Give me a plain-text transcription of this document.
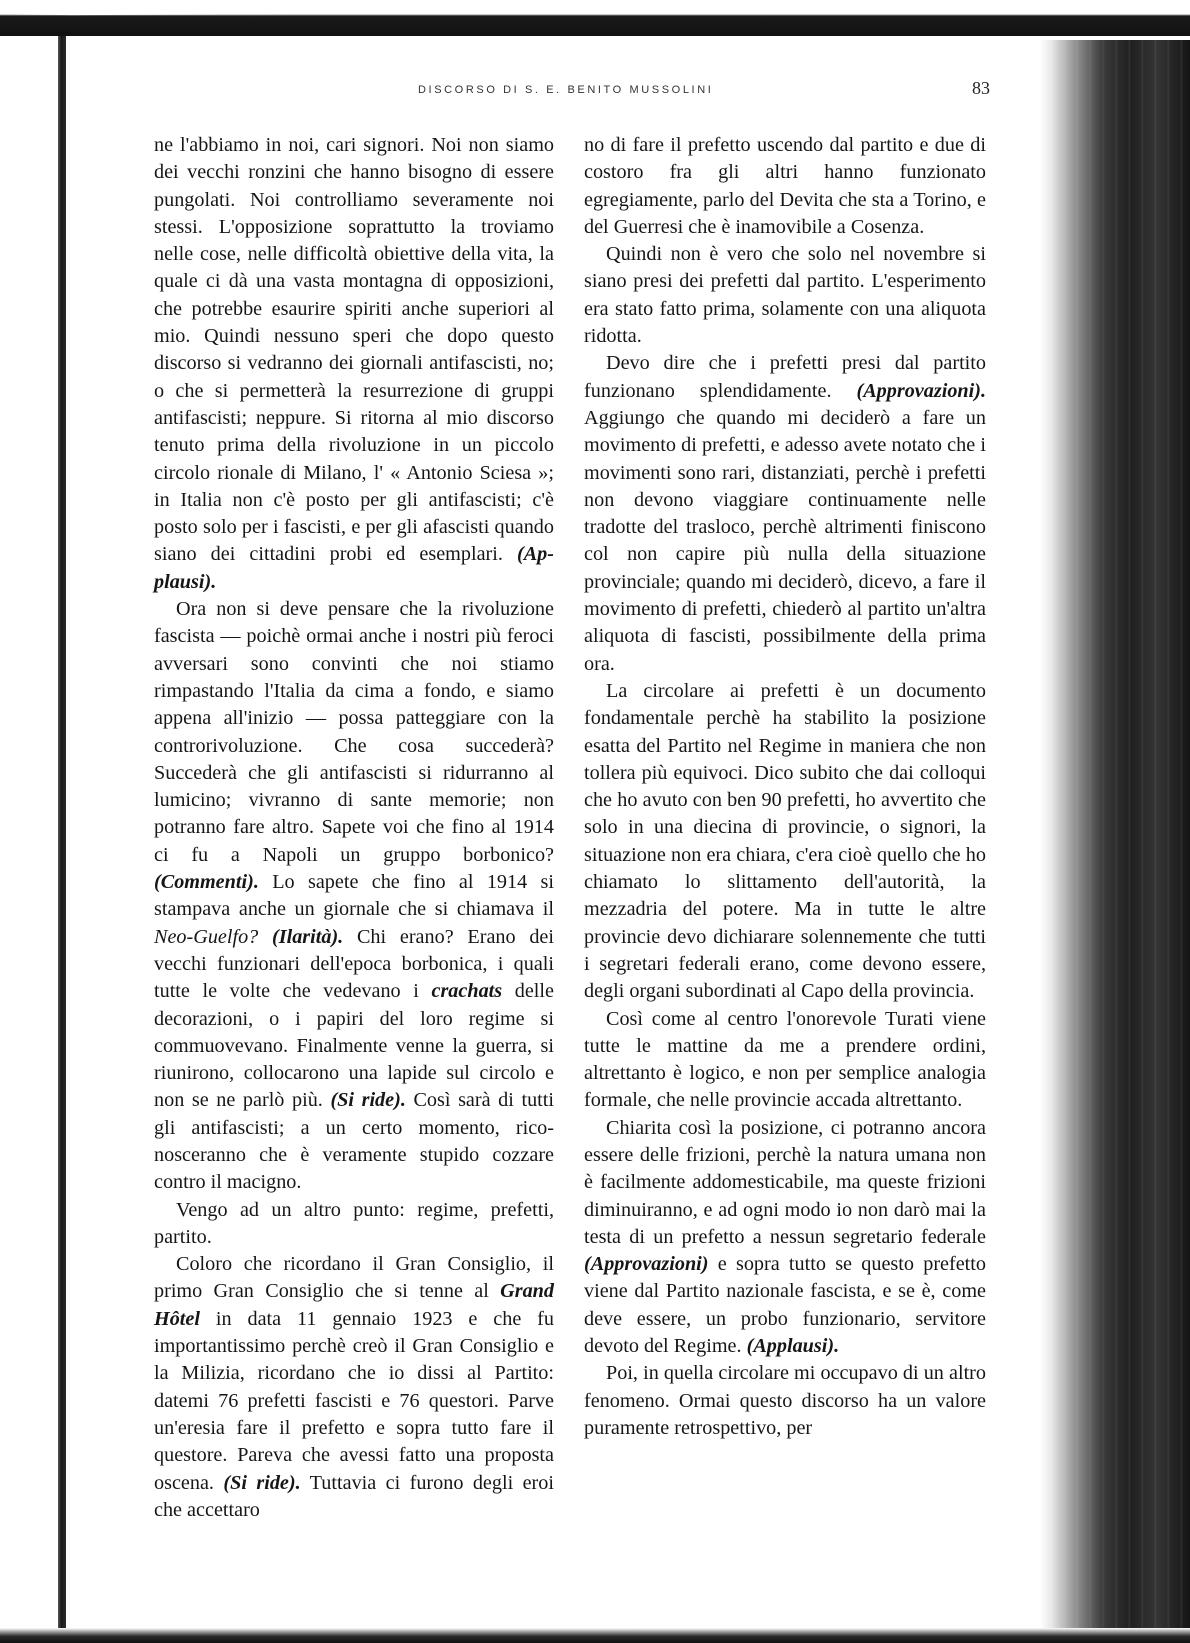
DISCORSO DI S. E. BENITO MUSSOLINI	83

ne l'abbiamo in noi, cari signori. Noi non siamo dei vecchi ronzini che hanno bisogno di essere pungolati. Noi controlliamo severamente noi stessi. L'opposizione soprattutto la troviamo nelle cose, nelle difficoltà obiettive della vita, la quale ci dà una vasta montagna di opposizioni, che potrebbe esaurire spiriti anche superiori al mio. Quindi nessuno speri che dopo questo discorso si vedranno dei giornali antifascisti, no; o che si permetterà la resurrezione di gruppi antifascisti; neppure. Si ritorna al mio discorso tenuto prima della rivoluzione in un piccolo circolo rionale di Milano, l' « Antonio Sciesa »; in Italia non c'è posto per gli antifascisti; c'è posto solo per i fascisti, e per gli afascisti quando siano dei cittadini probi ed esemplari. (Applausi).

Ora non si deve pensare che la rivoluzione fascista — poichè ormai anche i nostri più feroci avversari sono convinti che noi stiamo rimpastando l'Italia da cima a fondo, e siamo appena all'inizio — possa patteggiare con la controrivoluzione. Che cosa succederà? Succederà che gli antifascisti si ridurranno al lumicino; vivranno di sante memorie; non potranno fare altro. Sapete voi che fino al 1914 ci fu a Napoli un gruppo borbonico? (Commenti). Lo sapete che fino al 1914 si stampava anche un giornale che si chiamava il Neo-Guelfo? (Ilarità). Chi erano? Erano dei vecchi funzionari dell'epoca borbonica, i quali tutte le volte che vedevano i crachats delle decorazioni, o i papiri del loro regime si commuovevano. Finalmente venne la guerra, si riunirono, collocarono una lapide sul circolo e non se ne parlò più. (Si ride). Così sarà di tutti gli antifascisti; a un certo momento, riconosceranno che è veramente stupido cozzare contro il macigno.

Vengo ad un altro punto: regime, prefetti, partito.

Coloro che ricordano il Gran Consiglio, il primo Gran Consiglio che si tenne al Grand Hôtel in data 11 gennaio 1923 e che fu importantissimo perchè creò il Gran Consiglio e la Milizia, ricordano che io dissi al Partito: datemi 76 prefetti fascisti e 76 questori. Parve un'eresia fare il prefetto e sopra tutto fare il questore. Pareva che avessi fatto una proposta oscena. (Si ride). Tuttavia ci furono degli eroi che accettaro

no di fare il prefetto uscendo dal partito e due di costoro fra gli altri hanno funzionato egregiamente, parlo del Devita che sta a Torino, e del Guerresi che è inamovibile a Cosenza.

Quindi non è vero che solo nel novembre si siano presi dei prefetti dal partito. L'esperimento era stato fatto prima, solamente con una aliquota ridotta.

Devo dire che i prefetti presi dal partito funzionano splendidamente. (Approvazioni). Aggiungo che quando mi deciderò a fare un movimento di prefetti, e adesso avete notato che i movimenti sono rari, distanziati, perchè i prefetti non devono viaggiare continuamente nelle tradotte del trasloco, perchè altrimenti finiscono col non capire più nulla della situazione provinciale; quando mi deciderò, dicevo, a fare il movimento di prefetti, chiederò al partito un'altra aliquota di fascisti, possibilmente della prima ora.

La circolare ai prefetti è un documento fondamentale perchè ha stabilito la posizione esatta del Partito nel Regime in maniera che non tollera più equivoci. Dico subito che dai colloqui che ho avuto con ben 90 prefetti, ho avvertito che solo in una diecina di provincie, o signori, la situazione non era chiara, c'era cioè quello che ho chiamato lo slittamento dell'autorità, la mezzadria del potere. Ma in tutte le altre provincie devo dichiarare solennemente che tutti i segretari federali erano, come devono essere, degli organi subordinati al Capo della provincia.

Così come al centro l'onorevole Turati viene tutte le mattine da me a prendere ordini, altrettanto è logico, e non per semplice analogia formale, che nelle provincie accada altrettanto.

Chiarita così la posizione, ci potranno ancora essere delle frizioni, perchè la natura umana non è facilmente addomesticabile, ma queste frizioni diminuiranno, e ad ogni modo io non darò mai la testa di un prefetto a nessun segretario federale (Approvazioni) e sopra tutto se questo prefetto viene dal Partito nazionale fascista, e se è, come deve essere, un probo funzionario, servitore devoto del Regime. (Applausi).

Poi, in quella circolare mi occupavo di un altro fenomeno. Ormai questo discorso ha un valore puramente retrospettivo, per
